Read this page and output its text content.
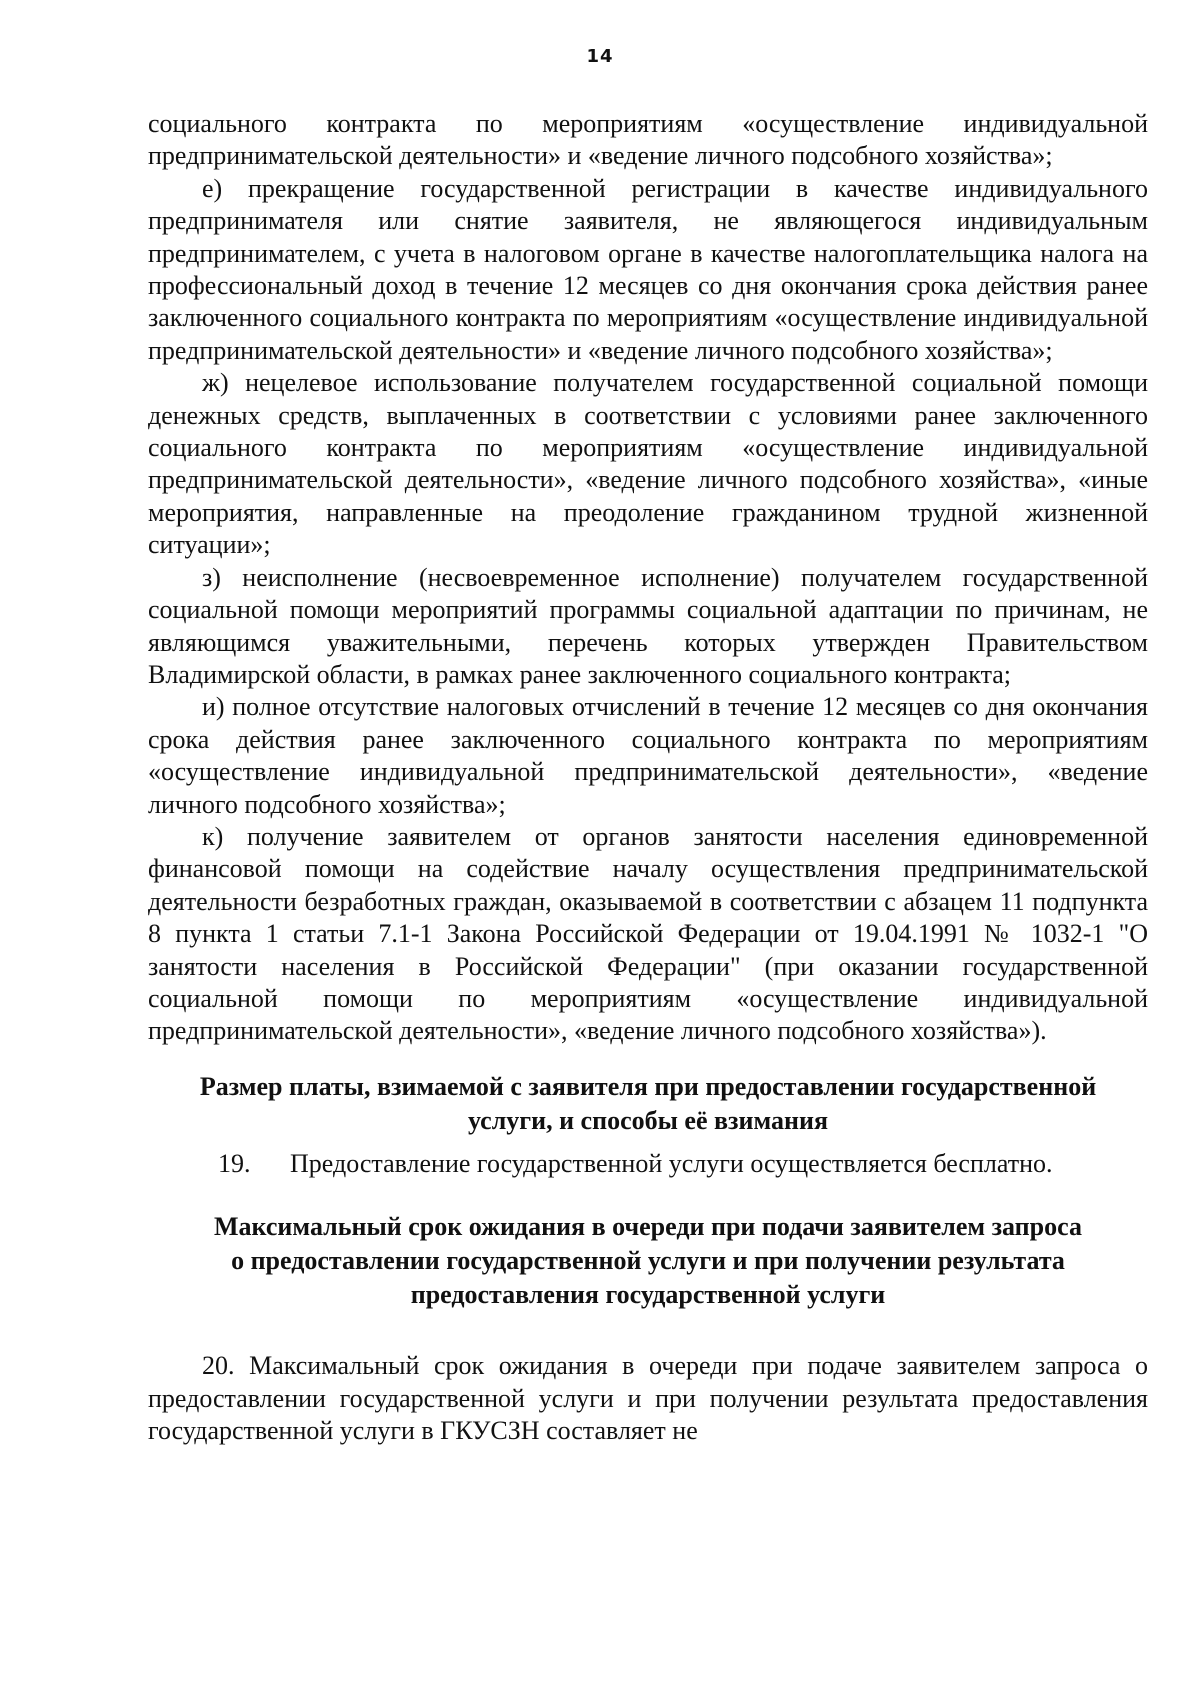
14

социального контракта по мероприятиям «осуществление индивидуальной предпринимательской деятельности» и «ведение личного подсобного хозяйства»;

е) прекращение государственной регистрации в качестве индивидуального предпринимателя или снятие заявителя, не являющегося индивидуальным предпринимателем, с учета в налоговом органе в качестве налогоплательщика налога на профессиональный доход в течение 12 месяцев со дня окончания срока действия ранее заключенного социального контракта по мероприятиям «осуществление индивидуальной предпринимательской деятельности» и «ведение личного подсобного хозяйства»;

ж) нецелевое использование получателем государственной социальной помощи денежных средств, выплаченных в соответствии с условиями ранее заключенного социального контракта по мероприятиям «осуществление индивидуальной предпринимательской деятельности», «ведение личного подсобного хозяйства», «иные мероприятия, направленные на преодоление гражданином трудной жизненной ситуации»;

з) неисполнение (несвоевременное исполнение) получателем государственной социальной помощи мероприятий программы социальной адаптации по причинам, не являющимся уважительными, перечень которых утвержден Правительством Владимирской области, в рамках ранее заключенного социального контракта;

и) полное отсутствие налоговых отчислений в течение 12 месяцев со дня окончания срока действия ранее заключенного социального контракта по мероприятиям «осуществление индивидуальной предпринимательской деятельности», «ведение личного подсобного хозяйства»;

к) получение заявителем от органов занятости населения единовременной финансовой помощи на содействие началу осуществления предпринимательской деятельности безработных граждан, оказываемой в соответствии с абзацем 11 подпункта 8 пункта 1 статьи 7.1-1 Закона Российской Федерации от 19.04.1991 № 1032-1 "О занятости населения в Российской Федерации" (при оказании государственной социальной помощи по мероприятиям «осуществление индивидуальной предпринимательской деятельности», «ведение личного подсобного хозяйства»).

Размер платы, взимаемой с заявителя при предоставлении государственной
услуги, и способы её взимания

19. Предоставление государственной услуги осуществляется бесплатно.

Максимальный срок ожидания в очереди при подачи заявителем запроса
о предоставлении государственной услуги и при получении результата
предоставления государственной услуги

20. Максимальный срок ожидания в очереди при подаче заявителем запроса о предоставлении государственной услуги и при получении результата предоставления государственной услуги в ГКУСЗН составляет не
